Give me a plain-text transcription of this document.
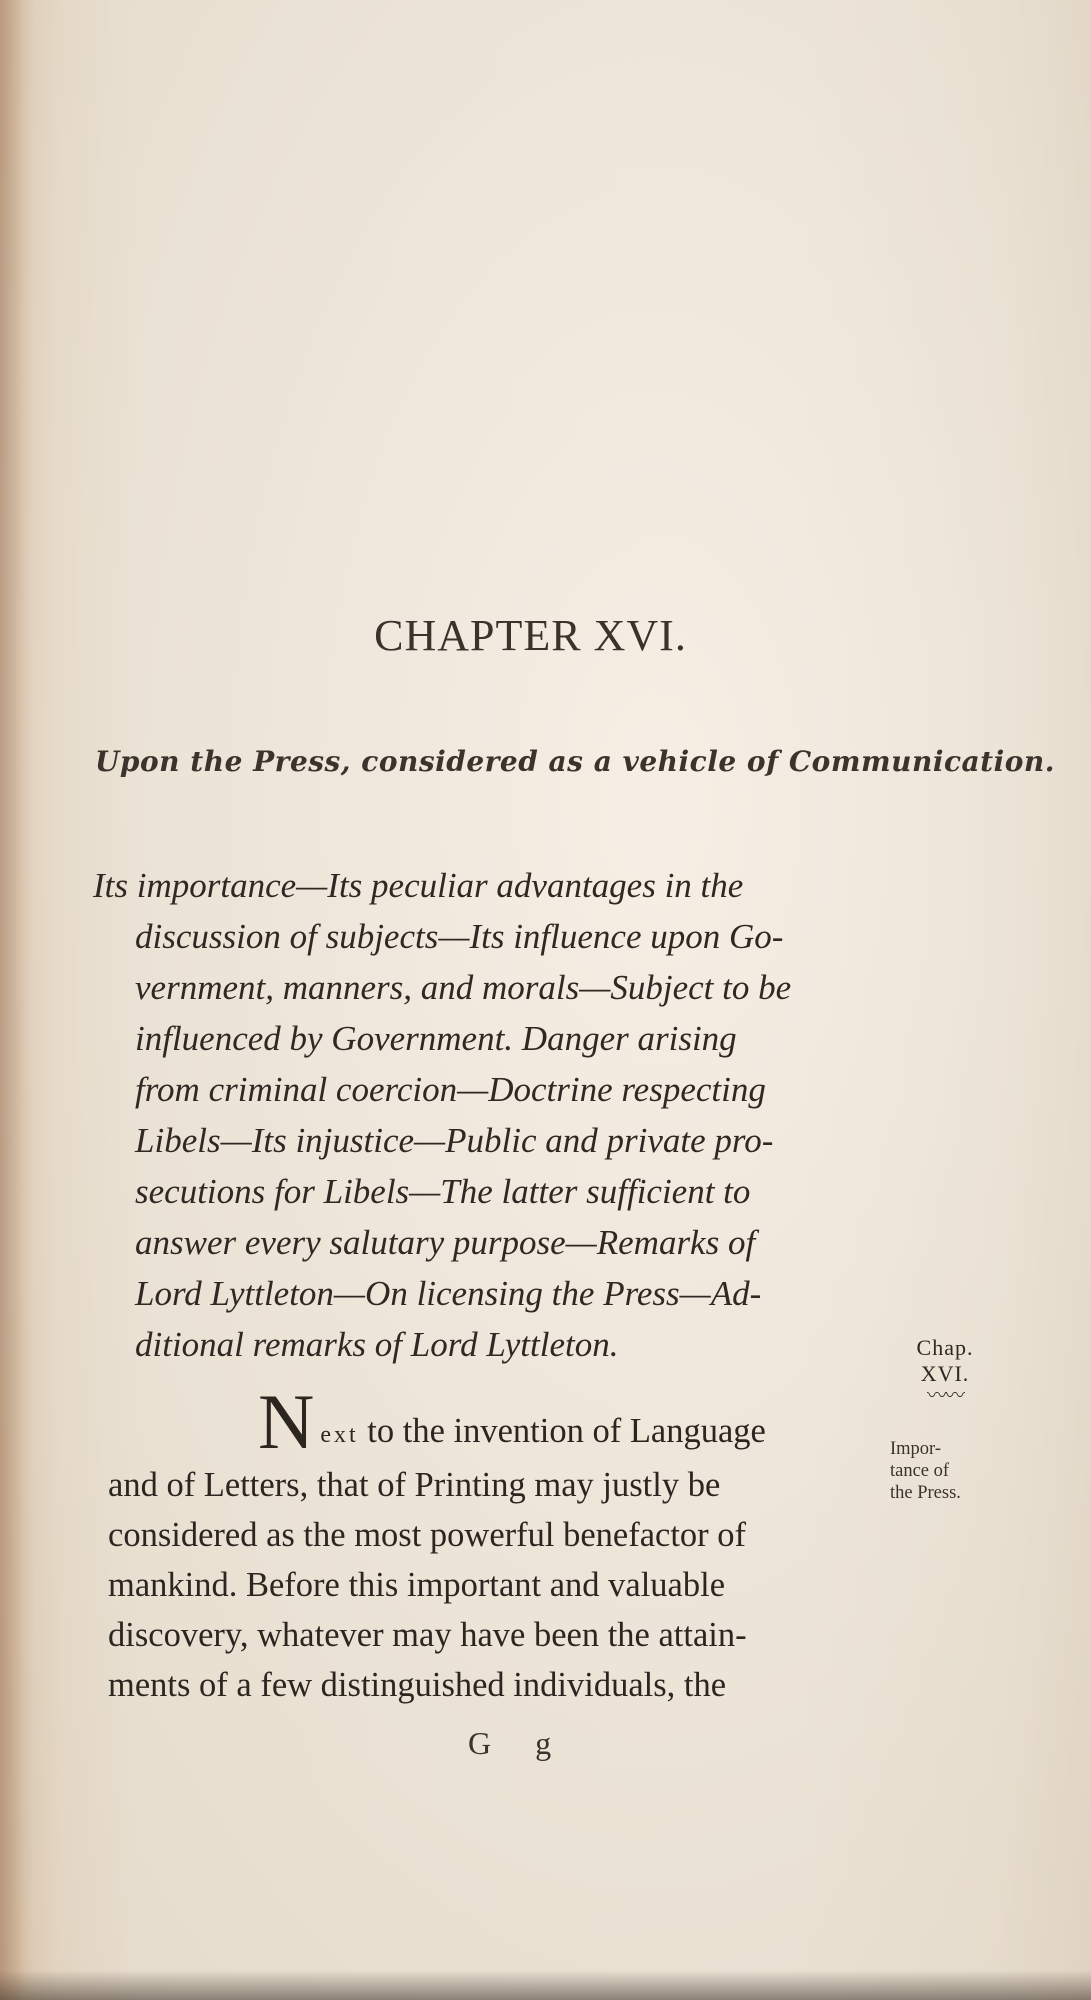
CHAPTER XVI.
Upon the Press, considered as a vehicle of Communication.
Its importance—Its peculiar advantages in the
discussion of subjects—Its influence upon Go-
vernment, manners, and morals—Subject to be
influenced by Government. Danger arising
from criminal coercion—Doctrine respecting
Libels—Its injustice—Public and private pro-
secutions for Libels—The latter sufficient to
answer every salutary purpose—Remarks of
Lord Lyttleton—On licensing the Press—Ad-
ditional remarks of Lord Lyttleton.	Chap.
XVI.
〰〰
Next to the invention of Language
and of Letters, that of Printing may justly be
considered as the most powerful benefactor of
mankind. Before this important and valuable
discovery, whatever may have been the attain-
ments of a few distinguished individuals, the
Impor-
tance of
the Press.
G g
